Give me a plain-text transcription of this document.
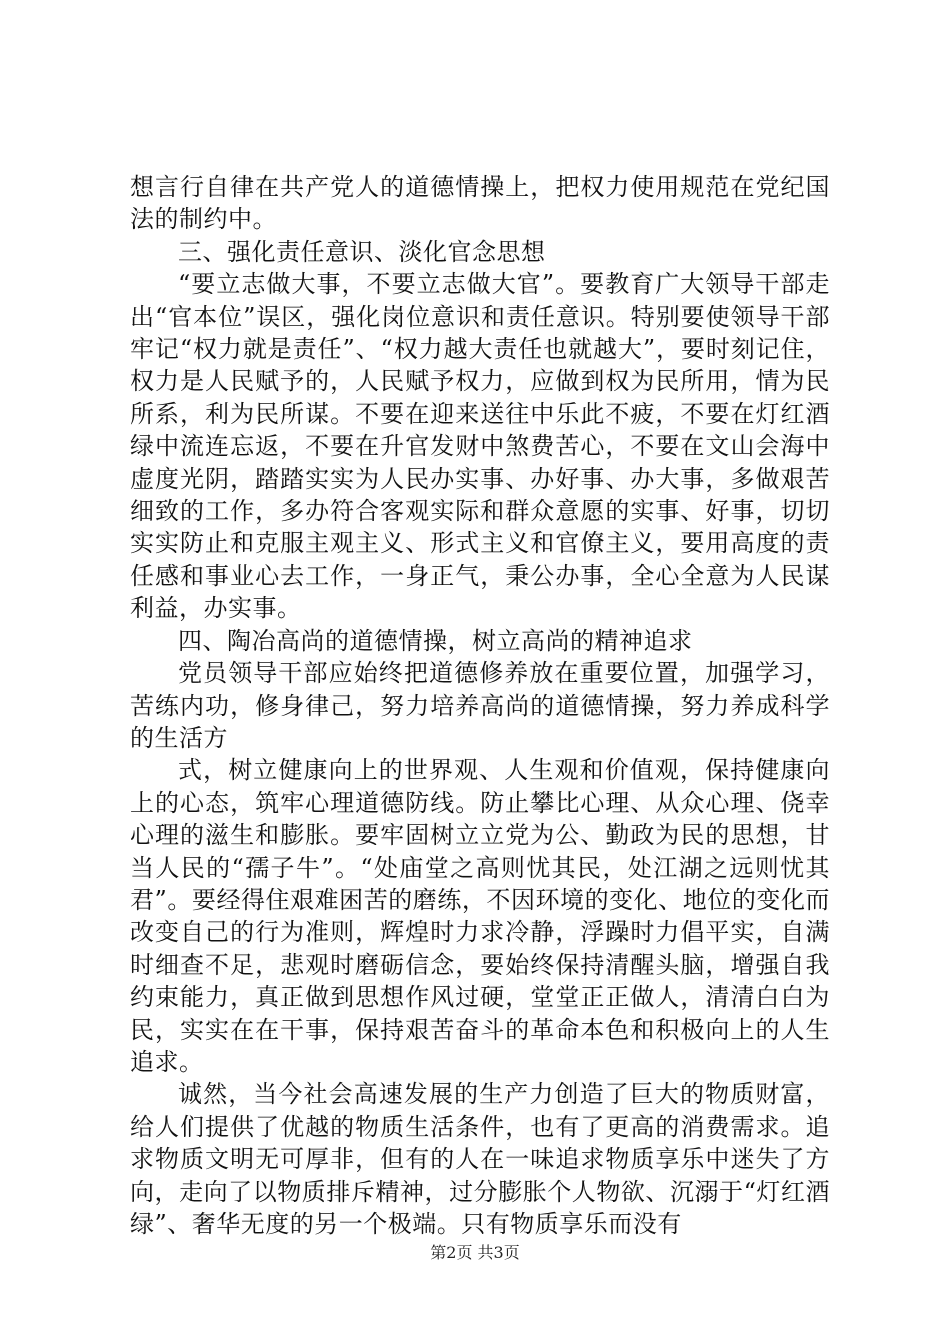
想言行自律在共产党人的道德情操上，把权力使用规范在党纪国法的制约中。

三、强化责任意识、淡化官念思想

“要立志做大事，不要立志做大官”。要教育广大领导干部走出“官本位”误区，强化岗位意识和责任意识。特别要使领导干部牢记“权力就是责任”、“权力越大责任也就越大”，要时刻记住，权力是人民赋予的，人民赋予权力，应做到权为民所用，情为民所系，利为民所谋。不要在迎来送往中乐此不疲，不要在灯红酒绿中流连忘返，不要在升官发财中煞费苦心，不要在文山会海中虚度光阴，踏踏实实为人民办实事、办好事、办大事，多做艰苦细致的工作，多办符合客观实际和群众意愿的实事、好事，切切实实防止和克服主观主义、形式主义和官僚主义，要用高度的责任感和事业心去工作，一身正气，秉公办事，全心全意为人民谋利益，办实事。

四、陶冶高尚的道德情操，树立高尚的精神追求

党员领导干部应始终把道德修养放在重要位置，加强学习，苦练内功，修身律己，努力培养高尚的道德情操，努力养成科学的生活方

式，树立健康向上的世界观、人生观和价值观，保持健康向上的心态，筑牢心理道德防线。防止攀比心理、从众心理、侥幸心理的滋生和膨胀。要牢固树立立党为公、勤政为民的思想，甘当人民的“孺子牛”。“处庙堂之高则忧其民，处江湖之远则忧其君”。要经得住艰难困苦的磨练，不因环境的变化、地位的变化而改变自己的行为准则，辉煌时力求冷静，浮躁时力倡平实，自满时细查不足，悲观时磨砺信念，要始终保持清醒头脑，增强自我约束能力，真正做到思想作风过硬，堂堂正正做人，清清白白为民，实实在在干事，保持艰苦奋斗的革命本色和积极向上的人生追求。

诚然，当今社会高速发展的生产力创造了巨大的物质财富，给人们提供了优越的物质生活条件，也有了更高的消费需求。追求物质文明无可厚非，但有的人在一味追求物质享乐中迷失了方向，走向了以物质排斥精神，过分膨胀个人物欲、沉溺于“灯红酒绿”、奢华无度的另一个极端。只有物质享乐而没有

第2页 共3页
